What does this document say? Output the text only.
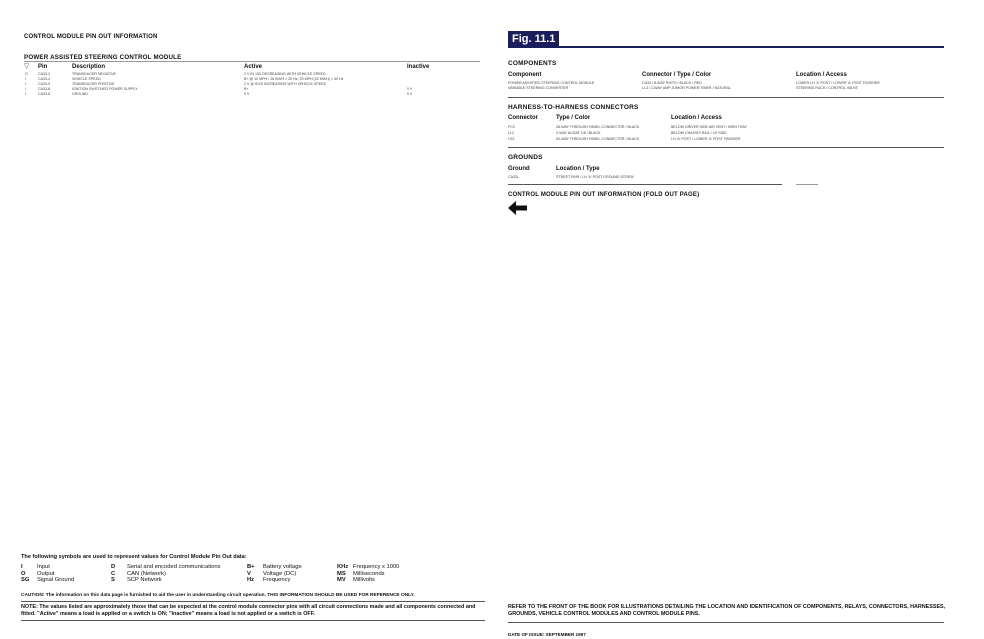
CONTROL MODULE PIN OUT INFORMATION
POWER ASSISTED STEERING CONTROL MODULE
▽ Pin	Description	Active	Inactive
O	CA33-2	TRANSDUCER NEGATIVE	2 V IN 100 DECREASING WITH VEHICLE SPEED
I	CA33-4	VEHICLE SPEED	B+ @ 10 MPH / 16 KM/H = 20 Hz; 20 MPH (32 KM/H) = 40 Hz
I	CA33-5	TRANSDUCER POSITIVE	2 V @ IDLE INCREASING WITH VEHICLE SPEED
I	CA33-6	IGNITION SWITCHED POWER SUPPLY	B+	0 V
I	CA33-8	GROUND	0 V	0 V
The following symbols are used to represent values for Control Module Pin Out data:
I	Input	D	Serial and encoded communications	B+	Battery voltage	KHz	Frequency x 1000
O	Output	C	CAN (Network)	V	Voltage (DC)	MS	Milliseconds
SG	Signal Ground	S	SCP Network	Hz	Frequency	MV	Millivolts
CAUTION: The information on this data page is furnished to aid the user in understanding circuit operation. THIS INFORMATION SHOULD BE USED FOR REFERENCE ONLY.
NOTE: The values listed are approximately those that can be expected at the control module connector pins with all circuit connections made and all components connected and fitted. "Active" means a load is applied or a switch is ON; "Inactive" means a load is not applied or a switch is OFF.
Fig. 11.1
COMPONENTS
Component	Connector / Type / Color	Location / Access
POWER ASSISTED STEERING CONTROL MODULE	CA33 / 8-WAY RISTS / BLACK / RED	LOWER LH 'A' POST / LOWER 'A' POST FINISHER
VARIABLE STEERING CONVERTER	LL3 / 2-WAY AMP JUNIOR POWER TIMER / NATURAL	STEERING RACK / CONTROL VALVE
HARNESS-TO-HARNESS CONNECTORS
Connector	Type / Color	Location / Access
FC2	28-WAY THROUGH PANEL CONNECTOR / BLACK	BELOW DRIVER SIDE AIR VENT / BRIN TRAY
LL2	2-WAY AUGAT 1/8 / BLACK	BELOW CHASSIS RAIL / LH SIDE
LS3	52-WAY THROUGH PANEL CONNECTOR / BLACK	LH 'A' POST / LOWER 'A' POST FINISHER
GROUNDS
Ground	Location / Type
CA32L	STREET PAIR / LH 'A' POST GROUND SCREW
CONTROL MODULE PIN OUT INFORMATION (FOLD OUT PAGE)
REFER TO THE FRONT OF THE BOOK FOR ILLUSTRATIONS DETAILING THE LOCATION AND IDENTIFICATION OF COMPONENTS, RELAYS, CONNECTORS, HARNESSES, GROUNDS, VEHICLE CONTROL MODULES AND CONTROL MODULE PINS.
DATE OF ISSUE: SEPTEMBER 1997
